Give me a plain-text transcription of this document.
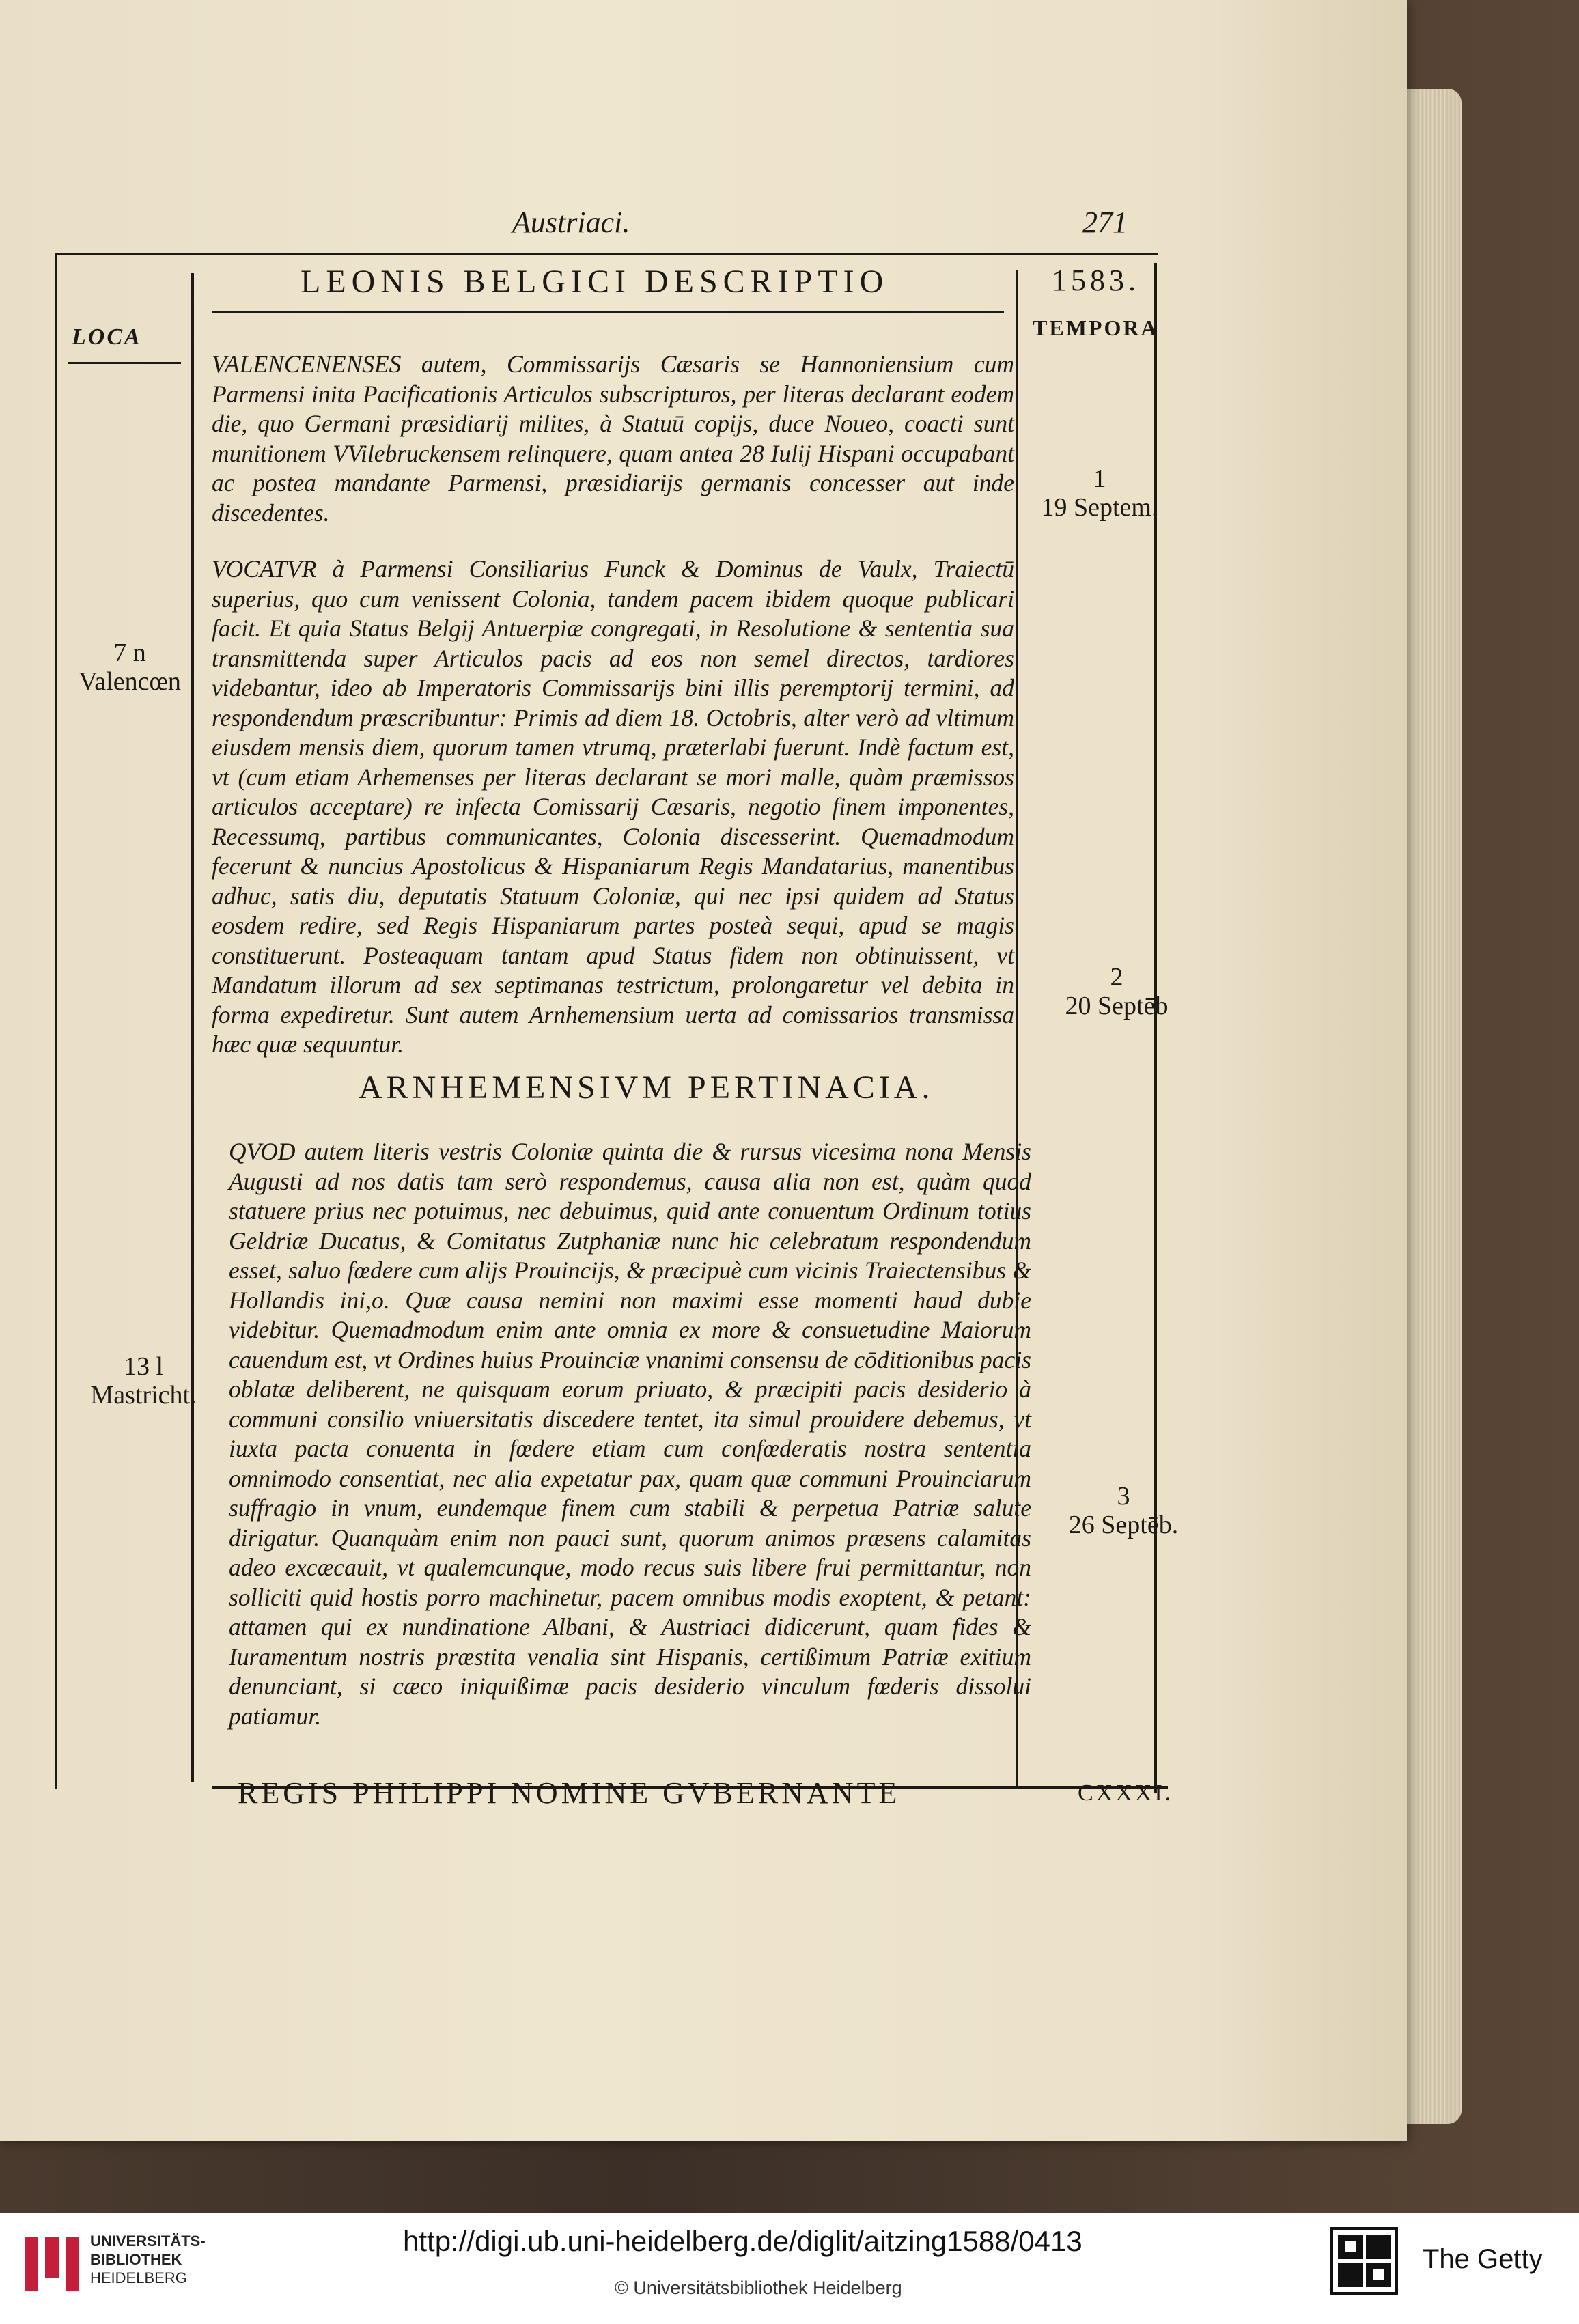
Austriaci.	271
LEONIS BELGICI DESCRIPTIO	1583.
LOCA	TEMPORA
VALENCENENSES autem, Commissarijs Cæsaris se Hannoniensium cum Parmensi inita Pacificationis Articulos subscripturos, per literas declarant eodem die, quo Germani præsidiarij milites, à Statuū copijs, duce Noueo, coacti sunt munitionem VVilebruckensem relinquere, quam antea 28 Iulij Hispani occupabant ac postea mandante Parmensi, præsidiarijs germanis concesser aut inde discedentes.
VOCATVR à Parmensi Consiliarius Funck & Dominus de Vaulx, Traiectū superius, quo cum venissent Colonia, tandem pacem ibidem quoque publicari facit. Et quia Status Belgij Antuerpiæ congregati, in Resolutione & sententia sua transmittenda super Articulos pacis ad eos non semel directos, tardiores videbantur, ideo ab Imperatoris Commissarijs bini illis peremptorij termini, ad respondendum præscribuntur: Primis ad diem 18. Octobris, alter verò ad vltimum eiusdem mensis diem, quorum tamen vtrumq, præterlabi fuerunt. Indè factum est, vt (cum etiam Arhemenses per literas declarant se mori malle, quàm præmissos articulos acceptare) re infecta Comissarij Cæsaris, negotio finem imponentes, Recessumq, partibus communicantes, Colonia discesserint. Quemadmodum fecerunt & nuncius Apostolicus & Hispaniarum Regis Mandatarius, manentibus adhuc, satis diu, deputatis Statuum Coloniæ, qui nec ipsi quidem ad Status eosdem redire, sed Regis Hispaniarum partes posteà sequi, apud se magis constituerunt. Posteaquam tantam apud Status fidem non obtinuissent, vt Mandatum illorum ad sex septimanas testrictum, prolongaretur vel debita in forma expediretur. Sunt autem Arnhemensium uerta ad comissarios transmissa hæc quæ sequuntur.
ARNHEMENSIVM PERTINACIA.
QVOD autem literis vestris Coloniæ quinta die & rursus vicesima nona Mensis Augusti ad nos datis tam serò respondemus, causa alia non est, quàm quod statuere prius nec potuimus, nec debuimus, quid ante conuentum Ordinum totius Geldriæ Ducatus, & Comitatus Zutphaniæ nunc hic celebratum respondendum esset, saluo fœdere cum alijs Prouincijs, & præcipuè cum vicinis Traiectensibus & Hollandis ini,o. Quæ causa nemini non maximi esse momenti haud dubie videbitur. Quemadmodum enim ante omnia ex more & consuetudine Maiorum cauendum est, vt Ordines huius Prouinciæ vnanimi consensu de cōditionibus pacis oblatæ deliberent, ne quisquam eorum priuato, & præcipiti pacis desiderio à communi consilio vniuersitatis discedere tentet, ita simul prouidere debemus, vt iuxta pacta conuenta in fœdere etiam cum confœderatis nostra sententia omnimodo consentiat, nec alia expetatur pax, quam quæ communi Prouinciarum suffragio in vnum, eundemque finem cum stabili & perpetua Patriæ salute dirigatur. Quanquàm enim non pauci sunt, quorum animos præsens calamitas adeo excæcauit, vt qualemcunque, modo recus suis libere frui permittantur, non solliciti quid hostis porro machinetur, pacem omnibus modis exoptent, & petant: attamen qui ex nundinatione Albani, & Austriaci didicerunt, quam fides & Iuramentum nostris præstita venalia sint Hispanis, certißimum Patriæ exitium denunciant, si cæco iniquißimæ pacis desiderio vinculum fœderis dissolui patiamur.
7 n
Valencœn
13 l
Mastricht.
1
19 Septem.
2
20 Septēb
3
26 Septēb.
REGIS PHILIPPI NOMINE GVBERNANTE	CXXXI.
UNIVERSITÄTS-
BIBLIOTHEK
HEIDELBERG
http://digi.ub.uni-heidelberg.de/diglit/aitzing1588/0413
© Universitätsbibliothek Heidelberg
The Getty
